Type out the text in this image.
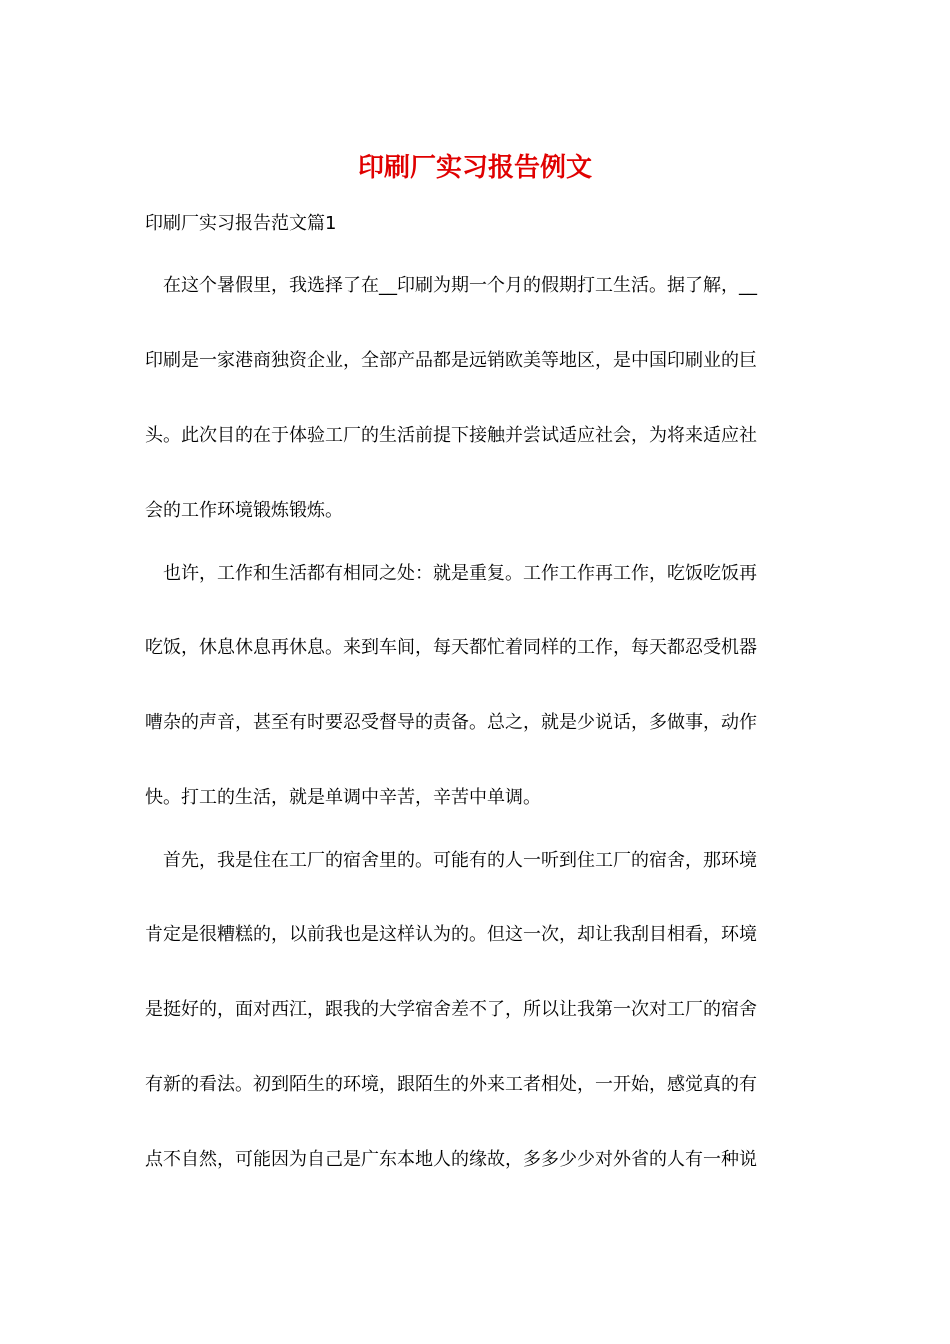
印刷厂实习报告例文

印刷厂实习报告范文篇1

在这个暑假里，我选择了在__印刷为期一个月的假期打工生活。据了解，__

印刷是一家港商独资企业，全部产品都是远销欧美等地区，是中国印刷业的巨

头。此次目的在于体验工厂的生活前提下接触并尝试适应社会，为将来适应社

会的工作环境锻炼锻炼。

也许，工作和生活都有相同之处：就是重复。工作工作再工作，吃饭吃饭再

吃饭，休息休息再休息。来到车间，每天都忙着同样的工作，每天都忍受机器

嘈杂的声音，甚至有时要忍受督导的责备。总之，就是少说话，多做事，动作

快。打工的生活，就是单调中辛苦，辛苦中单调。

首先，我是住在工厂的宿舍里的。可能有的人一听到住工厂的宿舍，那环境

肯定是很糟糕的，以前我也是这样认为的。但这一次，却让我刮目相看，环境

是挺好的，面对西江，跟我的大学宿舍差不了，所以让我第一次对工厂的宿舍

有新的看法。初到陌生的环境，跟陌生的外来工者相处，一开始，感觉真的有

点不自然，可能因为自己是广东本地人的缘故，多多少少对外省的人有一种说
